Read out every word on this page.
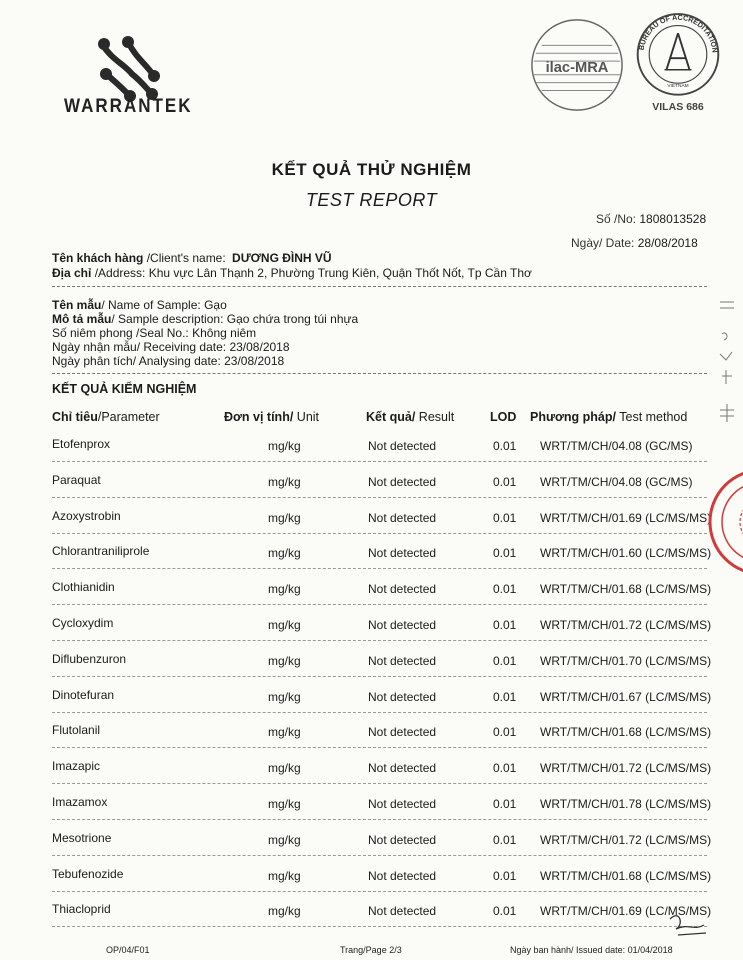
WARRANTEK
ilac-MRA
BUREAU OF ACCREDITATION
VIETNAM
VILAS 686
KẾT QUẢ THỬ NGHIỆM
TEST REPORT
Số /No: 1808013528
Ngày/ Date: 28/08/2018
Tên khách hàng /Client's name: DƯƠNG ĐÌNH VŨ
Địa chỉ /Address: Khu vực Lân Thạnh 2, Phường Trung Kiên, Quận Thốt Nốt, Tp Cần Thơ
Tên mẫu/ Name of Sample: Gạo
Mô tả mẫu/ Sample description: Gạo chứa trong túi nhựa
Số niêm phong /Seal No.: Không niêm
Ngày nhận mẫu/ Receiving date: 23/08/2018
Ngày phân tích/ Analysing date: 23/08/2018
KẾT QUẢ KIỂM NGHIỆM
Chỉ tiêu/Parameter	Đơn vị tính/ Unit	Kết quả/ Result	LOD Phương pháp/ Test method
Etofenprox	mg/kg	Not detected	0.01 WRT/TM/CH/04.08 (GC/MS)
Paraquat	mg/kg	Not detected	0.01 WRT/TM/CH/04.08 (GC/MS)
Azoxystrobin	mg/kg	Not detected	0.01 WRT/TM/CH/01.69 (LC/MS/MS)
Chlorantraniliprole	mg/kg	Not detected	0.01 WRT/TM/CH/01.60 (LC/MS/MS)
Clothianidin	mg/kg	Not detected	0.01 WRT/TM/CH/01.68 (LC/MS/MS)
Cycloxydim	mg/kg	Not detected	0.01 WRT/TM/CH/01.72 (LC/MS/MS)
Diflubenzuron	mg/kg	Not detected	0.01 WRT/TM/CH/01.70 (LC/MS/MS)
Dinotefuran	mg/kg	Not detected	0.01 WRT/TM/CH/01.67 (LC/MS/MS)
Flutolanil	mg/kg	Not detected	0.01 WRT/TM/CH/01.68 (LC/MS/MS)
Imazapic	mg/kg	Not detected	0.01 WRT/TM/CH/01.72 (LC/MS/MS)
Imazamox	mg/kg	Not detected	0.01 WRT/TM/CH/01.78 (LC/MS/MS)
Mesotrione	mg/kg	Not detected	0.01 WRT/TM/CH/01.72 (LC/MS/MS)
Tebufenozide	mg/kg	Not detected	0.01 WRT/TM/CH/01.68 (LC/MS/MS)
Thiacloprid	mg/kg	Not detected	0.01 WRT/TM/CH/01.69 (LC/MS/MS)
OP/04/F01	Trang/Page 2/3	Ngày ban hành/ Issued date: 01/04/2018
